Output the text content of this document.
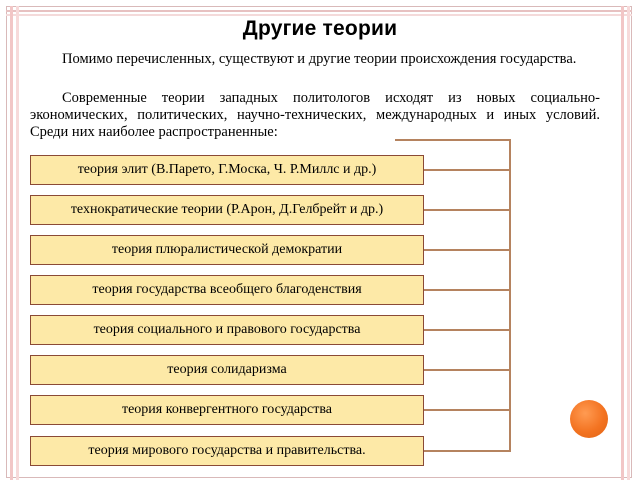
Другие теории

Помимо перечисленных, существуют и другие теории происхождения государства.

Современные теории западных политологов исходят из новых социально-экономических, политических, научно-технических, международных и иных условий. Среди них наиболее распространенные:

теория элит (В.Парето, Г.Моска, Ч. Р.Миллс и др.)
технократические теории (Р.Арон, Д.Гелбрейт и др.)
теория плюралистической демократии
теория государства всеобщего благоденствия
теория социального и правового государства
теория солидаризма
теория конвергентного государства
теория мирового государства и правительства.
